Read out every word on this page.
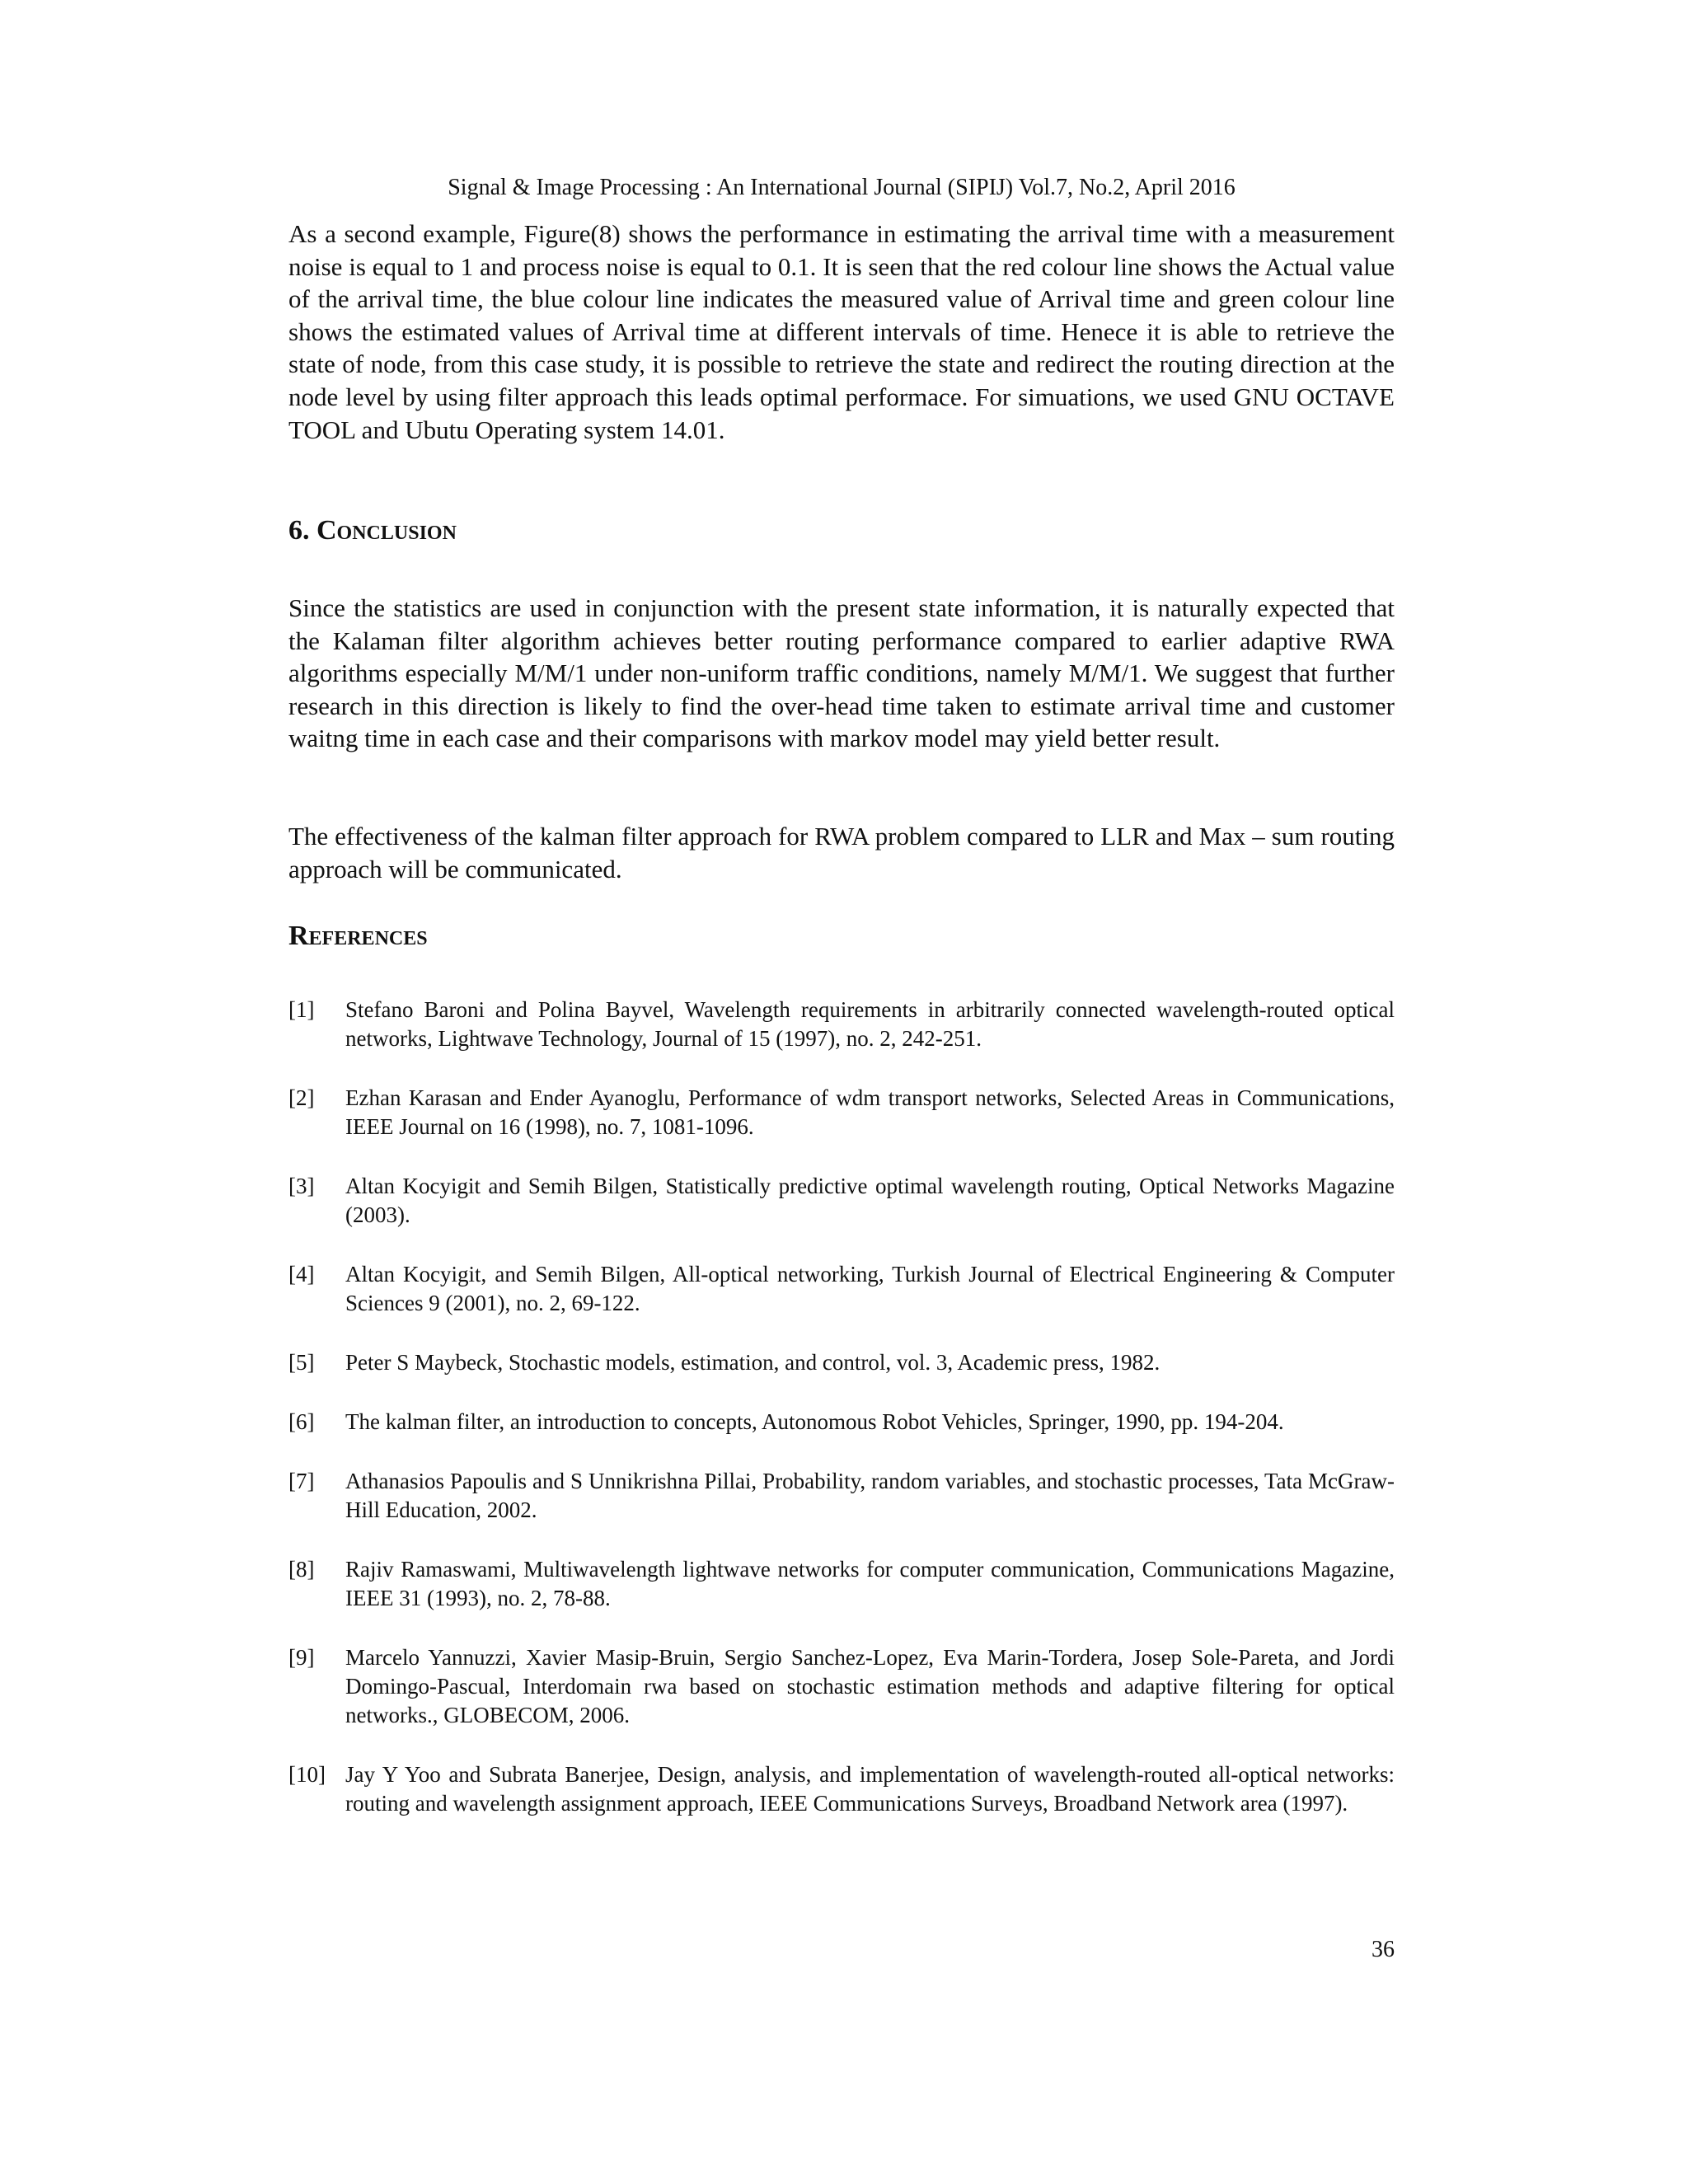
Signal & Image Processing : An International Journal (SIPIJ) Vol.7, No.2, April 2016

As a second example, Figure(8) shows the performance in estimating the arrival time with a measurement noise is equal to 1 and process noise is equal to 0.1. It is seen that the red colour line shows the Actual value of the arrival time, the blue colour line indicates the measured value of Arrival time and green colour line shows the estimated values of Arrival time at different intervals of time. Henece it is able to retrieve the state of node, from this case study, it is possible to retrieve the state and redirect the routing direction at the node level by using filter approach this leads optimal performace. For simuations, we used GNU OCTAVE TOOL and Ubutu Operating system 14.01.

6. Conclusion

Since the statistics are used in conjunction with the present state information, it is naturally expected that the Kalaman filter algorithm achieves better routing performance compared to earlier adaptive RWA algorithms especially M/M/1 under non-uniform traffic conditions, namely M/M/1. We suggest that further research in this direction is likely to find the over-head time taken to estimate arrival time and customer waitng time in each case and their comparisons with markov model may yield better result.

The effectiveness of the kalman filter approach for RWA problem compared to LLR and Max – sum routing approach will be communicated.

References
[1] Stefano Baroni and Polina Bayvel, Wavelength requirements in arbitrarily connected wavelength-routed optical networks, Lightwave Technology, Journal of 15 (1997), no. 2, 242-251.
[2] Ezhan Karasan and Ender Ayanoglu, Performance of wdm transport networks, Selected Areas in Communications, IEEE Journal on 16 (1998), no. 7, 1081-1096.
[3] Altan Kocyigit and Semih Bilgen, Statistically predictive optimal wavelength routing, Optical Networks Magazine (2003).
[4] Altan Kocyigit, and Semih Bilgen, All-optical networking, Turkish Journal of Electrical Engineering & Computer Sciences 9 (2001), no. 2, 69-122.
[5] Peter S Maybeck, Stochastic models, estimation, and control, vol. 3, Academic press, 1982.
[6] The kalman filter, an introduction to concepts, Autonomous Robot Vehicles, Springer, 1990, pp. 194-204.
[7] Athanasios Papoulis and S Unnikrishna Pillai, Probability, random variables, and stochastic processes, Tata McGraw-Hill Education, 2002.
[8] Rajiv Ramaswami, Multiwavelength lightwave networks for computer communication, Communications Magazine, IEEE 31 (1993), no. 2, 78-88.
[9] Marcelo Yannuzzi, Xavier Masip-Bruin, Sergio Sanchez-Lopez, Eva Marin-Tordera, Josep Sole-Pareta, and Jordi Domingo-Pascual, Interdomain rwa based on stochastic estimation methods and adaptive filtering for optical networks., GLOBECOM, 2006.
[10] Jay Y Yoo and Subrata Banerjee, Design, analysis, and implementation of wavelength-routed all-optical networks: routing and wavelength assignment approach, IEEE Communications Surveys, Broadband Network area (1997).
36
